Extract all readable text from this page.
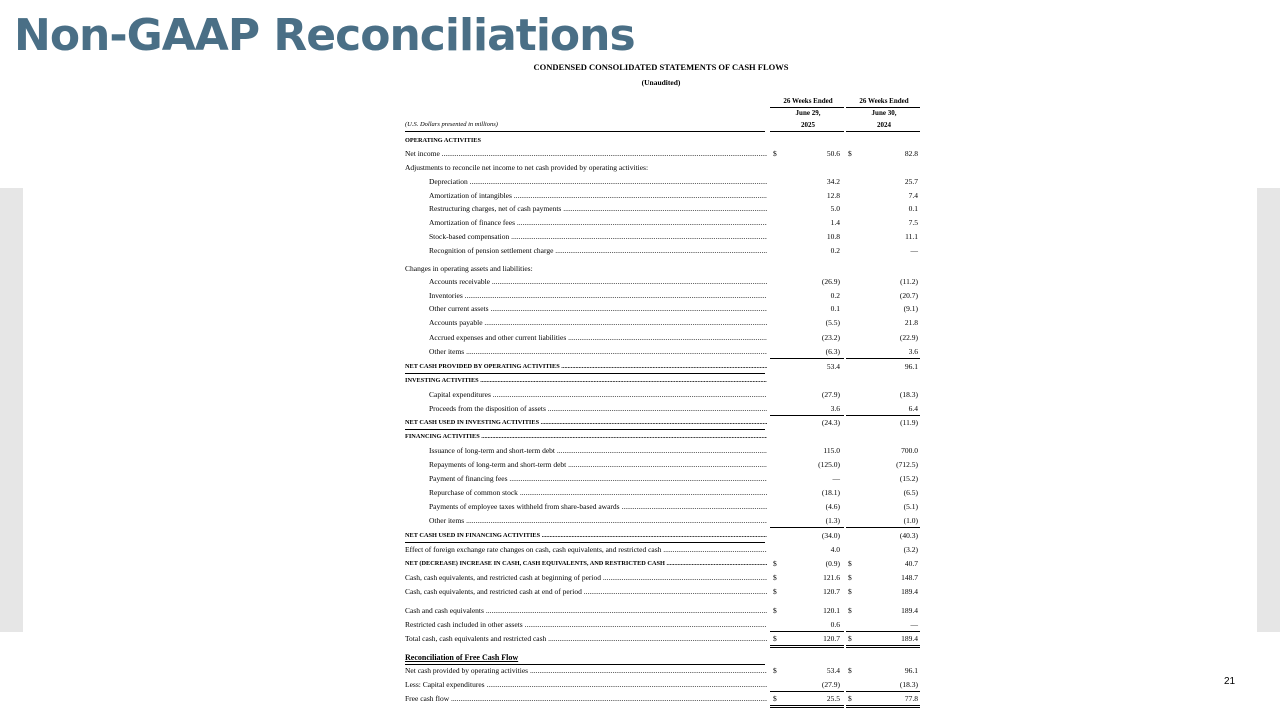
Non-GAAP Reconciliations
CONDENSED CONSOLIDATED STATEMENTS OF CASH FLOWS
(Unaudited)
26 Weeks Ended
June 29,
2025
26 Weeks Ended
June 30,
2024
(U.S. Dollars presented in millions)
OPERATING ACTIVITIES
Net income .....	$	50.6 $	82.8
Adjustments to reconcile net income to net cash provided by operating activities:
Depreciation .....	34.2	25.7
Amortization of intangibles .....	12.8	7.4
Restructuring charges, net of cash payments .....	5.0	0.1
Amortization of finance fees .....	1.4	7.5
Stock-based compensation .....	10.8	11.1
Recognition of pension settlement charge .....	0.2	—
Changes in operating assets and liabilities:
Accounts receivable .....	(26.9)	(11.2)
Inventories .....	0.2	(20.7)
Other current assets .....	0.1	(9.1)
Accounts payable .....	(5.5)	21.8
Accrued expenses and other current liabilities .....	(23.2)	(22.9)
Other items .....	(6.3)	3.6
NET CASH PROVIDED BY OPERATING ACTIVITIES .....	53.4	96.1
INVESTING ACTIVITIES .....
Capital expenditures .....	(27.9)	(18.3)
Proceeds from the disposition of assets .....	3.6	6.4
NET CASH USED IN INVESTING ACTIVITIES .....	(24.3)	(11.9)
FINANCING ACTIVITIES .....
Issuance of long-term and short-term debt .....	115.0	700.0
Repayments of long-term and short-term debt .....	(125.0)	(712.5)
Payment of financing fees .....	—	(15.2)
Repurchase of common stock .....	(18.1)	(6.5)
Payments of employee taxes withheld from share-based awards .....	(4.6)	(5.1)
Other items .....	(1.3)	(1.0)
NET CASH USED IN FINANCING ACTIVITIES .....	(34.0)	(40.3)
Effect of foreign exchange rate changes on cash, cash equivalents, and restricted cash .....	4.0	(3.2)
NET (DECREASE) INCREASE IN CASH, CASH EQUIVALENTS, AND RESTRICTED CASH .....	$	(0.9) $	40.7
Cash, cash equivalents, and restricted cash at beginning of period .....	$	121.6 $	148.7
Cash, cash equivalents, and restricted cash at end of period .....	$	120.7 $	189.4
Cash and cash equivalents .....	$	120.1 $	189.4
Restricted cash included in other assets .....	0.6	—
Total cash, cash equivalents and restricted cash .....	$	120.7 $	189.4
Reconciliation of Free Cash Flow
Net cash provided by operating activities .....	$	53.4 $	96.1
Less: Capital expenditures .....	(27.9)	(18.3)
Free cash flow .....	$	25.5 $	77.8
21
